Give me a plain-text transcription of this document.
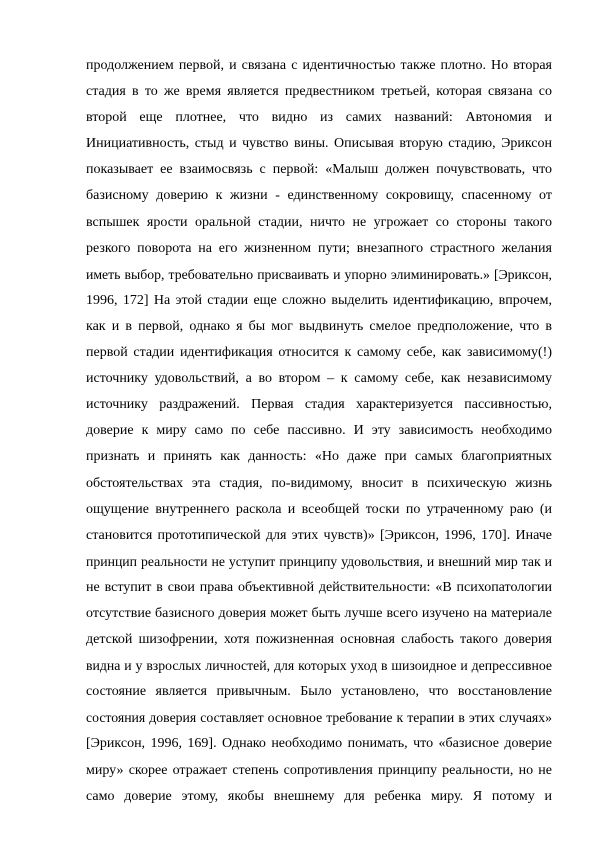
продолжением первой, и связана с идентичностью также плотно. Но вторая
стадия в то же время является предвестником третьей, которая связана со
второй еще плотнее, что видно из самих названий: Автономия и
Инициативность, стыд и чувство вины. Описывая вторую стадию, Эриксон
показывает ее взаимосвязь с первой: «Малыш должен почувствовать, что
базисному доверию к жизни - единственному сокровищу, спасенному от
вспышек ярости оральной стадии, ничто не угрожает со стороны такого
резкого поворота на его жизненном пути; внезапного страстного желания
иметь выбор, требовательно присваивать и упорно элиминировать.» [Эриксон,
1996, 172] На этой стадии еще сложно выделить идентификацию, впрочем,
как и в первой, однако я бы мог выдвинуть смелое предположение, что в
первой стадии идентификация относится к самому себе, как зависимому(!)
источнику удовольствий, а во втором – к самому себе, как независимому
источнику раздражений. Первая стадия характеризуется пассивностью,
доверие к миру само по себе пассивно. И эту зависимость необходимо
признать и принять как данность: «Но даже при самых благоприятных
обстоятельствах эта стадия, по-видимому, вносит в психическую жизнь
ощущение внутреннего раскола и всеобщей тоски по утраченному раю (и
становится прототипической для этих чувств)» [Эриксон, 1996, 170]. Иначе
принцип реальности не уступит принципу удовольствия, и внешний мир так и
не вступит в свои права объективной действительности: «В психопатологии
отсутствие базисного доверия может быть лучше всего изучено на материале
детской шизофрении, хотя пожизненная основная слабость такого доверия
видна и у взрослых личностей, для которых уход в шизоидное и депрессивное
состояние является привычным. Было установлено, что восстановление
состояния доверия составляет основное требование к терапии в этих случаях»
[Эриксон, 1996, 169]. Однако необходимо понимать, что «базисное доверие
миру» скорее отражает степень сопротивления принципу реальности, но не
само доверие этому, якобы внешнему для ребенка миру. Я потому и
